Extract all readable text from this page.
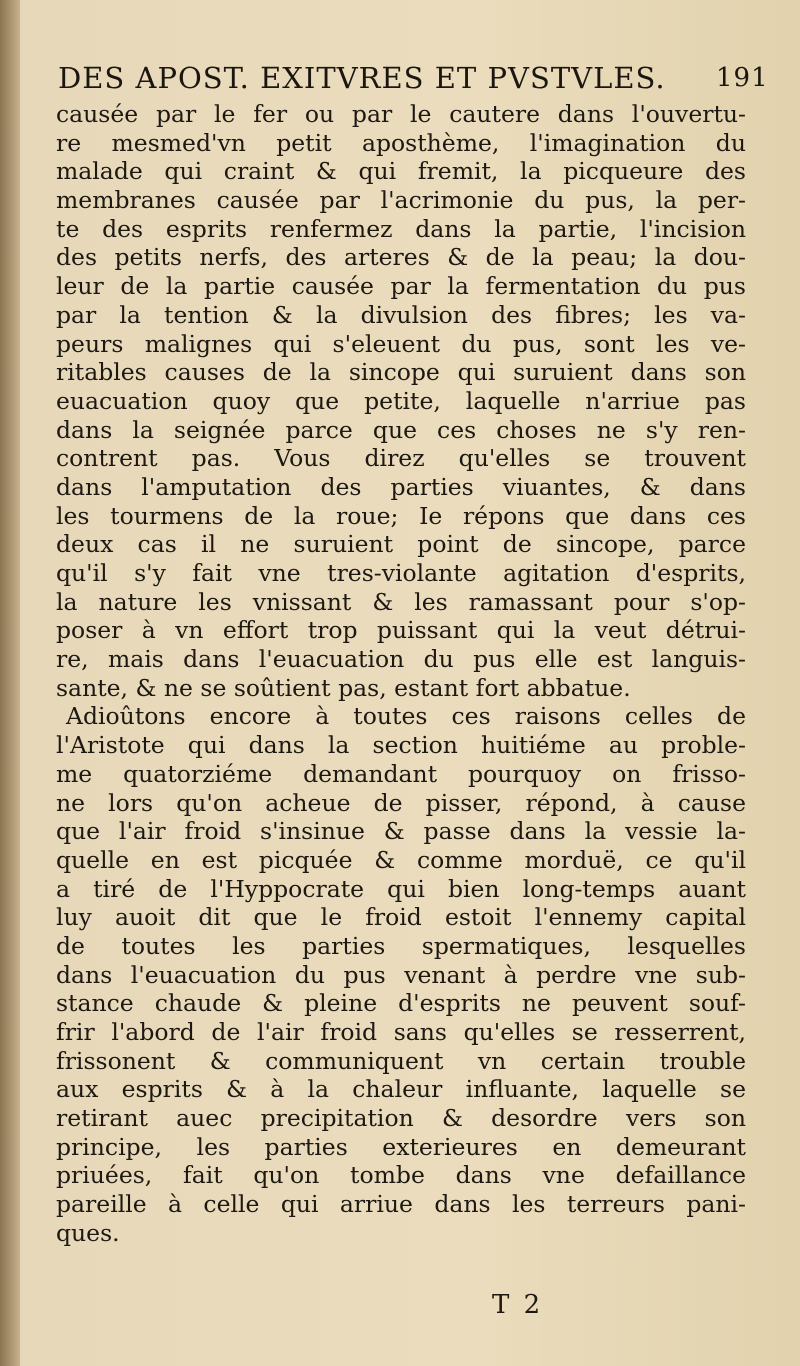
DES APOST. EXITVRES ET PVSTVLES. 191
causée par le fer ou par le cautere dans l'ouvertu-
re mesmed'vn petit aposthème, l'imagination du
malade qui craint & qui fremit, la picqueure des
membranes causée par l'acrimonie du pus, la per-
te des esprits renfermez dans la partie, l'incision
des petits nerfs, des arteres & de la peau; la dou-
leur de la partie causée par la fermentation du pus
par la tention & la divulsion des fibres; les va-
peurs malignes qui s'eleuent du pus, sont les ve-
ritables causes de la sincope qui suruient dans son
euacuation quoy que petite, laquelle n'arriue pas
dans la seignée parce que ces choses ne s'y ren-
contrent pas. Vous direz qu'elles se trouvent
dans l'amputation des parties viuantes, & dans
les tourmens de la roue; Ie répons que dans ces
deux cas il ne suruient point de sincope, parce
qu'il s'y fait vne tres-violante agitation d'esprits,
la nature les vnissant & les ramassant pour s'op-
poser à vn effort trop puissant qui la veut détrui-
re, mais dans l'euacuation du pus elle est languis-
sante, & ne se soûtient pas, estant fort abbatue.
Adioûtons encore à toutes ces raisons celles de
l'Aristote qui dans la section huitiéme au proble-
me quatorziéme demandant pourquoy on frisso-
ne lors qu'on acheue de pisser, répond, à cause
que l'air froid s'insinue & passe dans la vessie la-
quelle en est picquée & comme morduë, ce qu'il
a tiré de l'Hyppocrate qui bien long-temps auant
luy auoit dit que le froid estoit l'ennemy capital
de toutes les parties spermatiques, lesquelles
dans l'euacuation du pus venant à perdre vne sub-
stance chaude & pleine d'esprits ne peuvent souf-
frir l'abord de l'air froid sans qu'elles se resserrent,
frissonent & communiquent vn certain trouble
aux esprits & à la chaleur influante, laquelle se
retirant auec precipitation & desordre vers son
principe, les parties exterieures en demeurant
priuées, fait qu'on tombe dans vne defaillance
pareille à celle qui arriue dans les terreurs pani-
ques.
T 2
